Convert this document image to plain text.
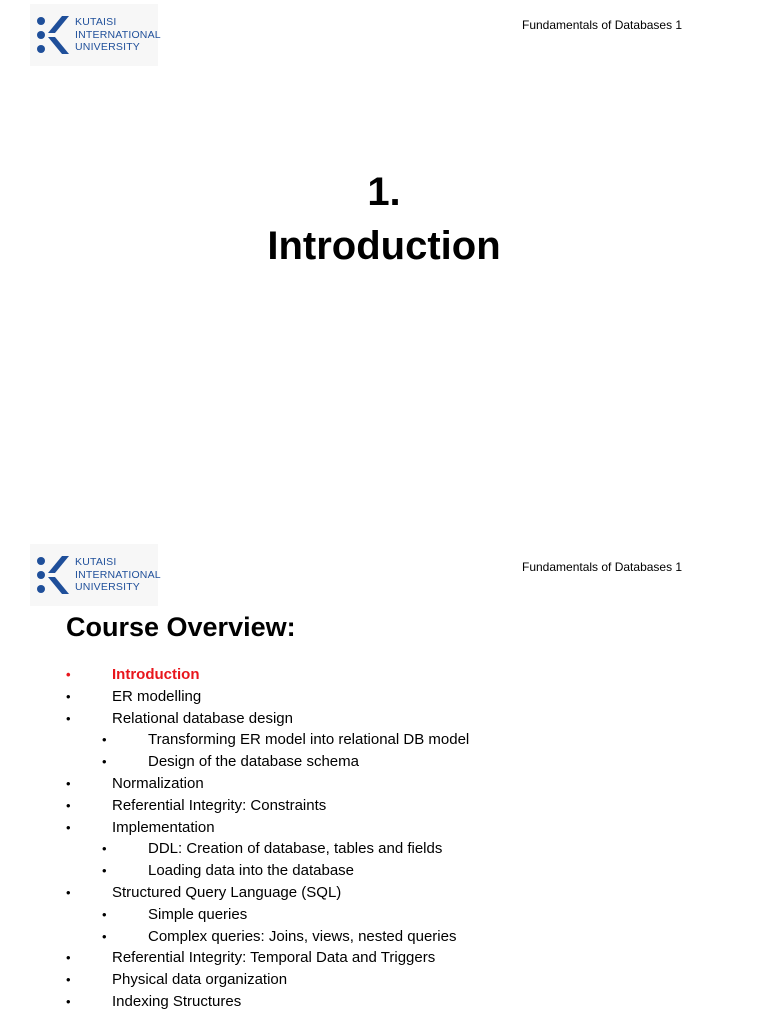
KUTAISI
INTERNATIONAL
UNIVERSITY
Fundamentals of Databases 1
1.
Introduction
KUTAISI
INTERNATIONAL
UNIVERSITY
Fundamentals of Databases 1
Course Overview:
•	Introduction
•	ER modelling
•	Relational database design
•	Transforming ER model into relational DB model
•	Design of the database schema
•	Normalization
•	Referential Integrity: Constraints
•	Implementation
•	DDL: Creation of database, tables and fields
•	Loading data into the database
•	Structured Query Language (SQL)
•	Simple queries
•	Complex queries: Joins, views, nested queries
•	Referential Integrity: Temporal Data and Triggers
•	Physical data organization
•	Indexing Structures
